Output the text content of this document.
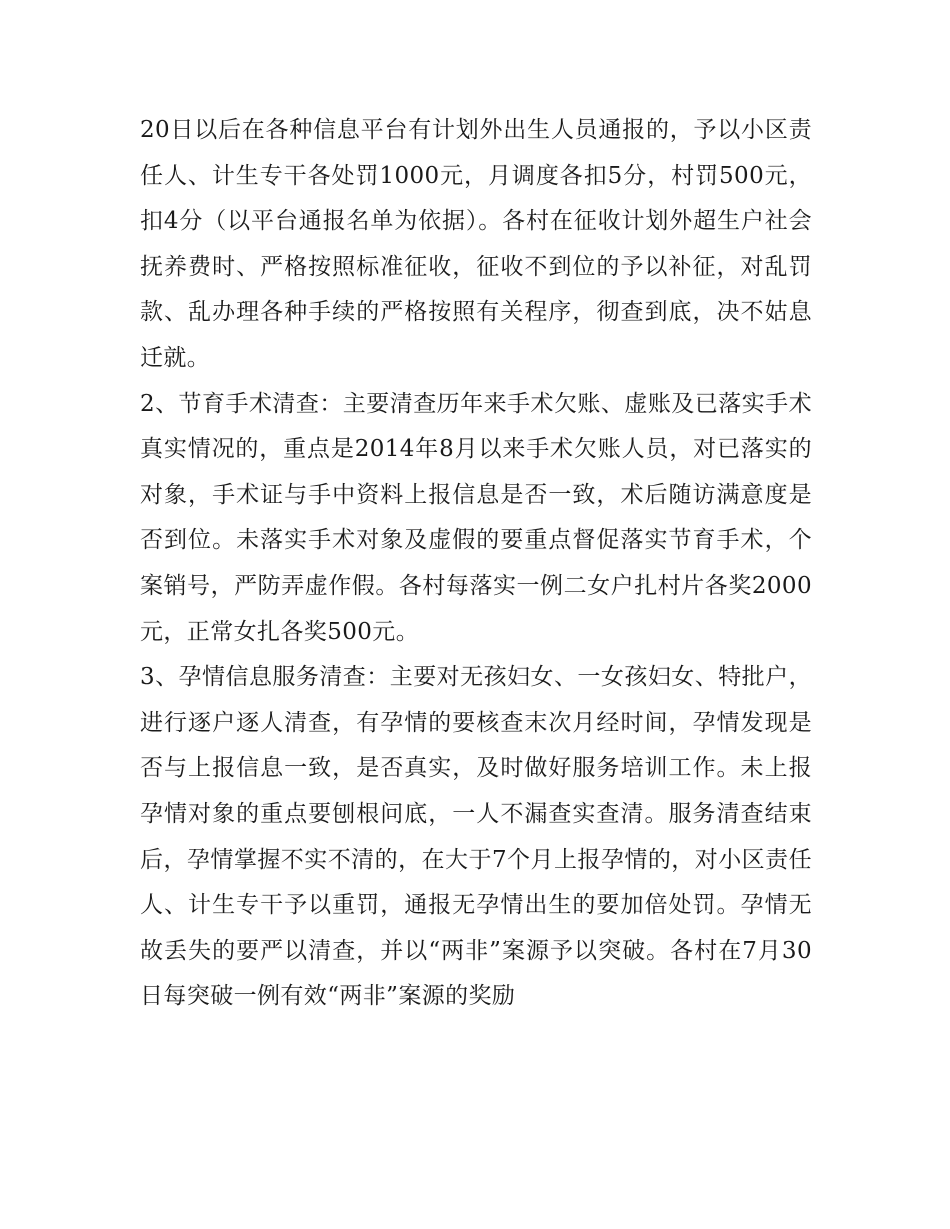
20日以后在各种信息平台有计划外出生人员通报的，予以小区责任人、计生专干各处罚1000元，月调度各扣5分，村罚500元，扣4分（以平台通报名单为依据）。各村在征收计划外超生户社会抚养费时、严格按照标准征收，征收不到位的予以补征，对乱罚款、乱办理各种手续的严格按照有关程序，彻查到底，决不姑息迁就。

2、节育手术清查：主要清查历年来手术欠账、虚账及已落实手术真实情况的，重点是2014年8月以来手术欠账人员，对已落实的对象，手术证与手中资料上报信息是否一致，术后随访满意度是否到位。未落实手术对象及虚假的要重点督促落实节育手术，个案销号，严防弄虚作假。各村每落实一例二女户扎村片各奖2000元，正常女扎各奖500元。

3、孕情信息服务清查：主要对无孩妇女、一女孩妇女、特批户，进行逐户逐人清查，有孕情的要核查末次月经时间，孕情发现是否与上报信息一致，是否真实，及时做好服务培训工作。未上报孕情对象的重点要刨根问底，一人不漏查实查清。服务清查结束后，孕情掌握不实不清的，在大于7个月上报孕情的，对小区责任人、计生专干予以重罚，通报无孕情出生的要加倍处罚。孕情无故丢失的要严以清查，并以“两非”案源予以突破。各村在7月30日每突破一例有效“两非”案源的奖励
